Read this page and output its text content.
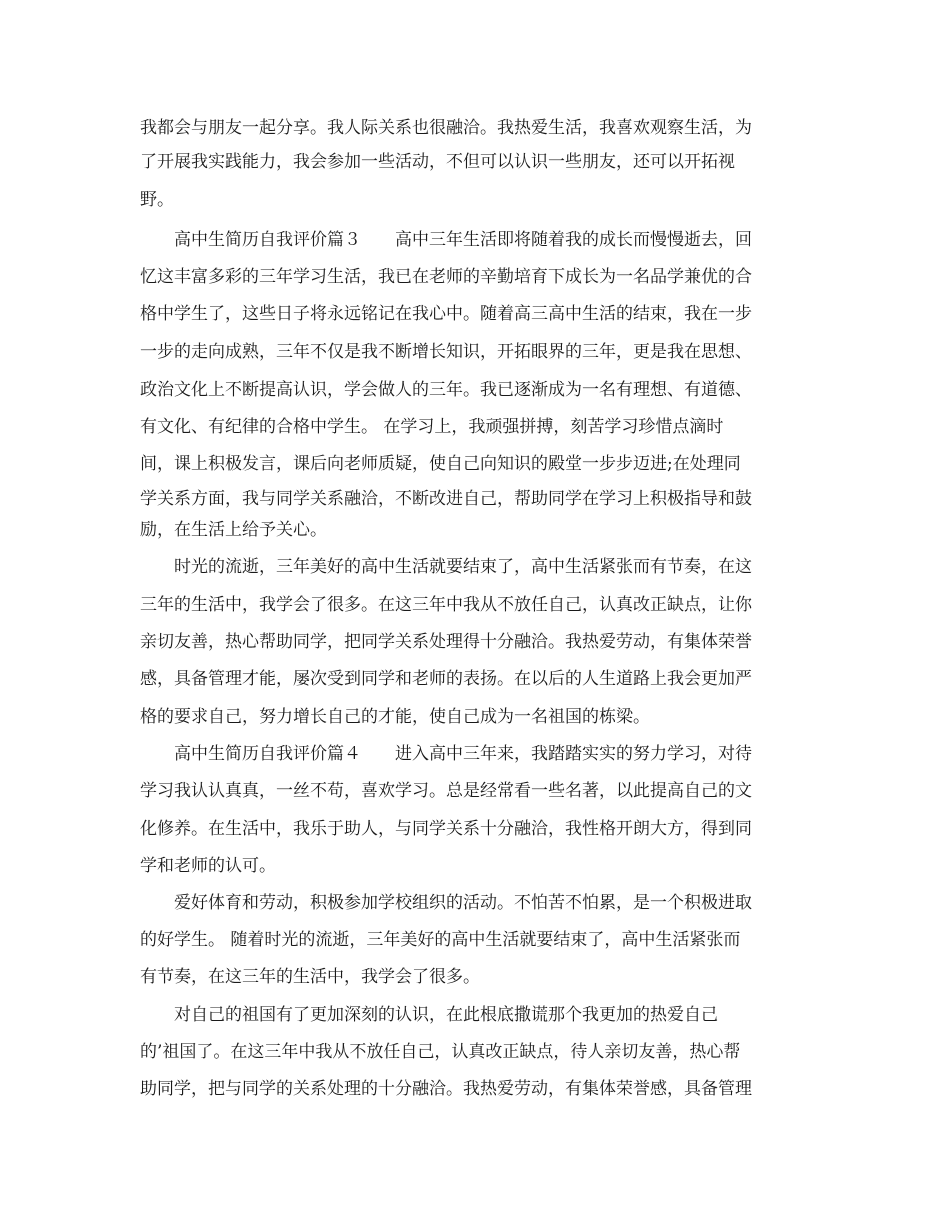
我都会与朋友一起分享。我人际关系也很融洽。我热爱生活，我喜欢观察生活，为
了开展我实践能力，我会参加一些活动，不但可以认识一些朋友，还可以开拓视
野。
高中生简历自我评价篇３　　高中三年生活即将随着我的成长而慢慢逝去，回
忆这丰富多彩的三年学习生活，我已在老师的辛勤培育下成长为一名品学兼优的合
格中学生了，这些日子将永远铭记在我心中。随着高三高中生活的结束，我在一步
一步的走向成熟，三年不仅是我不断增长知识，开拓眼界的三年，更是我在思想、
政治文化上不断提高认识，学会做人的三年。我已逐渐成为一名有理想、有道德、
有文化、有纪律的合格中学生。 在学习上，我顽强拼搏，刻苦学习珍惜点滴时
间，课上积极发言，课后向老师质疑，使自己向知识的殿堂一步步迈进;在处理同
学关系方面，我与同学关系融洽，不断改进自己，帮助同学在学习上积极指导和鼓
励，在生活上给予关心。
时光的流逝，三年美好的高中生活就要结束了，高中生活紧张而有节奏，在这
三年的生活中，我学会了很多。在这三年中我从不放任自己，认真改正缺点，让你
亲切友善，热心帮助同学，把同学关系处理得十分融洽。我热爱劳动，有集体荣誉
感，具备管理才能，屡次受到同学和老师的表扬。在以后的人生道路上我会更加严
格的要求自己，努力增长自己的才能，使自己成为一名祖国的栋梁。
高中生简历自我评价篇４　　进入高中三年来，我踏踏实实的努力学习，对待
学习我认认真真，一丝不苟，喜欢学习。总是经常看一些名著，以此提高自己的文
化修养。在生活中，我乐于助人，与同学关系十分融洽，我性格开朗大方，得到同
学和老师的认可。
爱好体育和劳动，积极参加学校组织的活动。不怕苦不怕累，是一个积极进取
的好学生。 随着时光的流逝，三年美好的高中生活就要结束了，高中生活紧张而
有节奏，在这三年的生活中，我学会了很多。
对自己的祖国有了更加深刻的认识，在此根底撒谎那个我更加的热爱自己
的’祖国了。在这三年中我从不放任自己，认真改正缺点，待人亲切友善，热心帮
助同学，把与同学的关系处理的十分融洽。我热爱劳动，有集体荣誉感，具备管理
